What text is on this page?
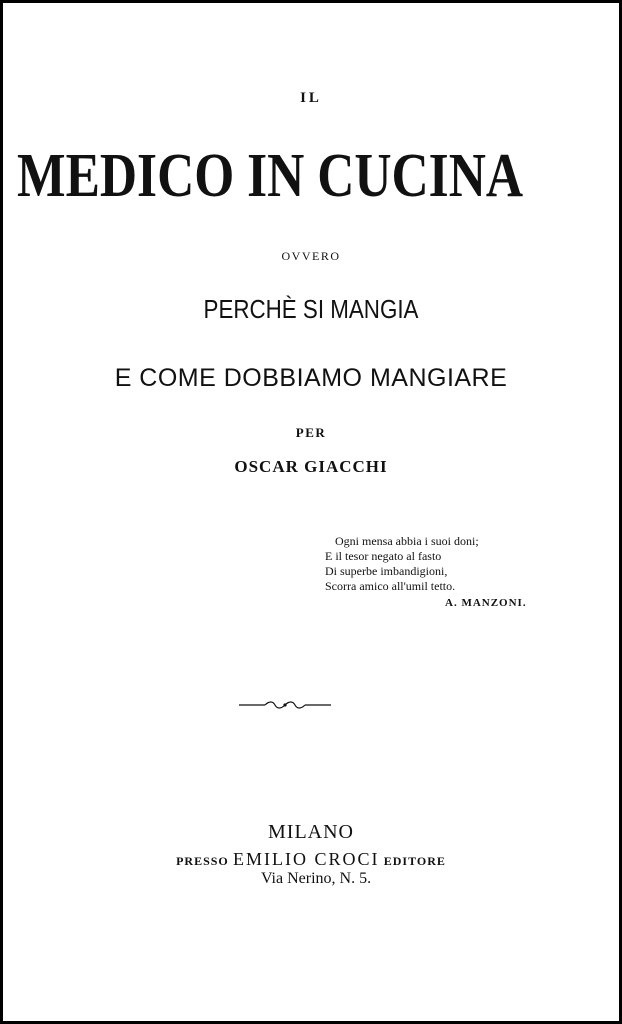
IL
MEDICO IN CUCINA
OVVERO
PERCHÈ SI MANGIA
E COME DOBBIAMO MANGIARE
PER
OSCAR GIACCHI
Ogni mensa abbia i suoi doni;
E il tesor negato al fasto
Di superbe imbandigioni,
Scorra amico all'umil tetto.
A. MANZONI.
MILANO
PRESSO EMILIO CROCI EDITORE
Via Nerino, N. 5.
